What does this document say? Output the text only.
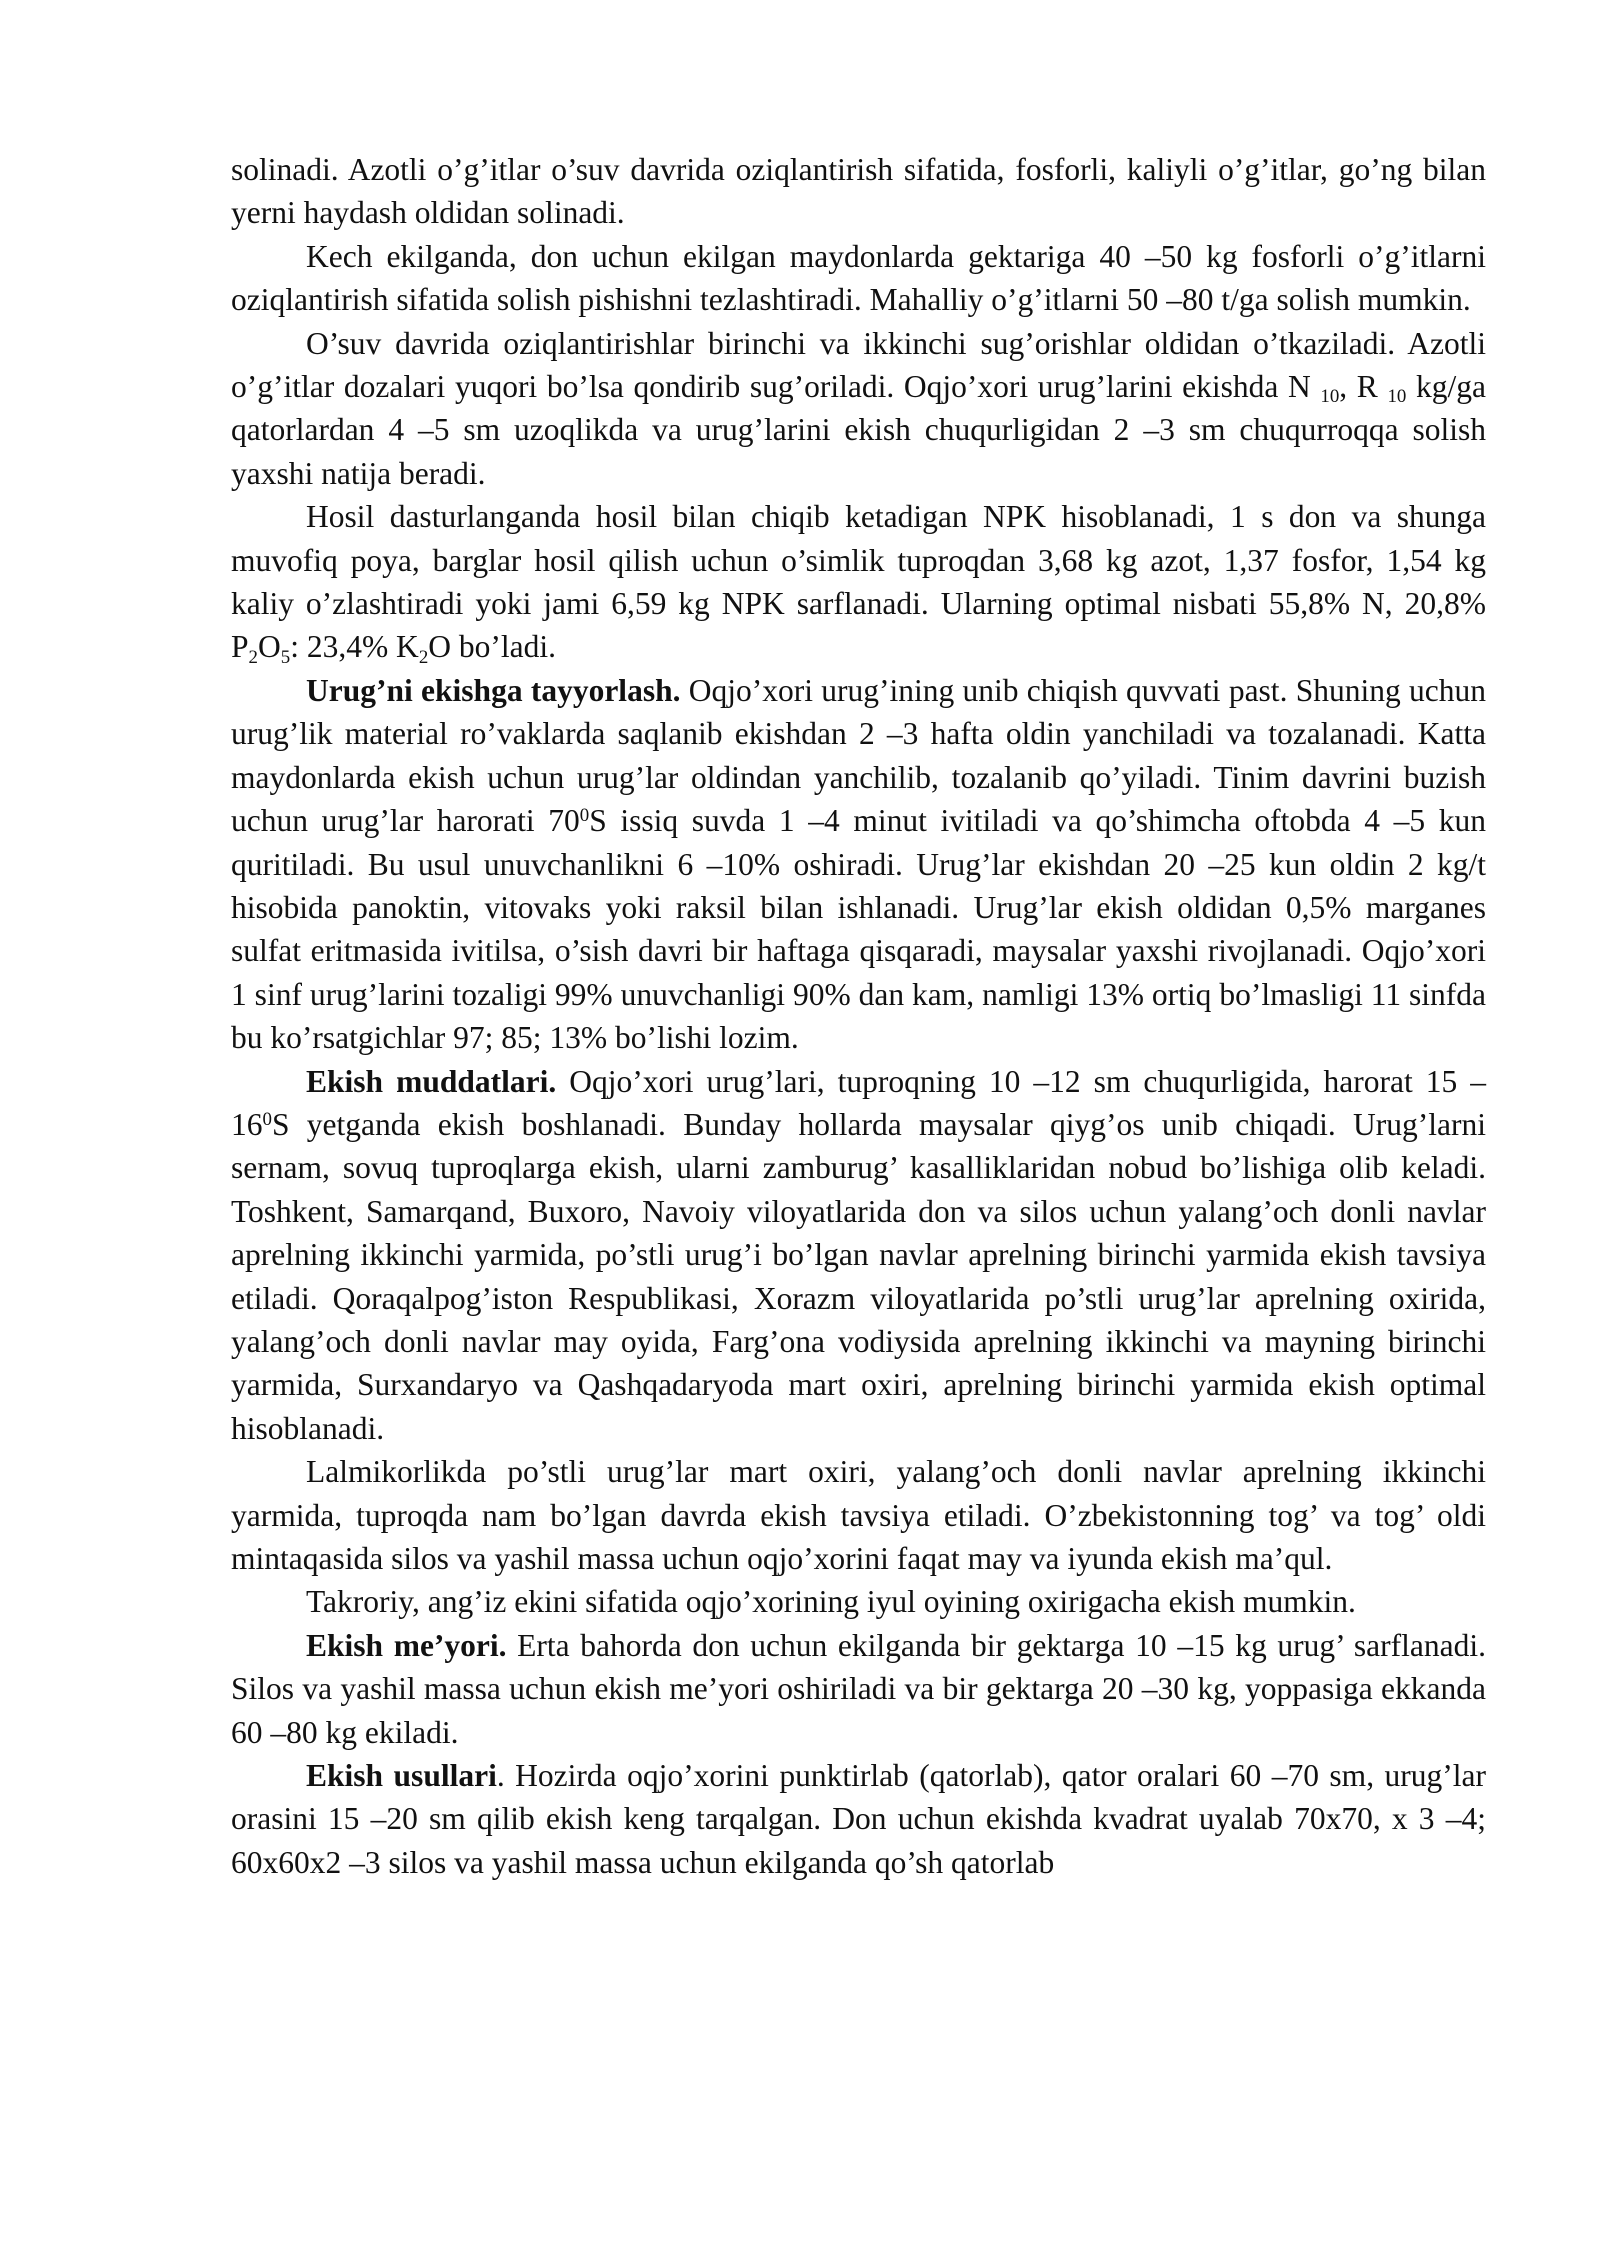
solinadi. Azotli o’g’itlar o’suv davrida oziqlantirish sifatida, fosforli, kaliyli o’g’itlar, go’ng bilan yerni haydash oldidan solinadi.

Kech ekilganda, don uchun ekilgan maydonlarda gektariga 40 –50 kg fosforli o’g’itlarni oziqlantirish sifatida solish pishishni tezlashtiradi. Mahalliy o’g’itlarni 50 –80 t/ga solish mumkin.

O’suv davrida oziqlantirishlar birinchi va ikkinchi sug’orishlar oldidan o’tkaziladi. Azotli o’g’itlar dozalari yuqori bo’lsa qondirib sug’oriladi. Oqjo’xori urug’larini ekishda N $_{10}$, R $_{10}$ kg/ga qatorlardan 4 –5 sm uzoqlikda va urug’larini ekish chuqurligidan 2 –3 sm chuqurroqqa solish yaxshi natija beradi.

Hosil dasturlanganda hosil bilan chiqib ketadigan NPK hisoblanadi, 1 s don va shunga muvofiq poya, barglar hosil qilish uchun o’simlik tuproqdan 3,68 kg azot, 1,37 fosfor, 1,54 kg kaliy o’zlashtiradi yoki jami 6,59 kg NPK sarflanadi. Ularning optimal nisbati 55,8% N, 20,8% $P_2O_5$: 23,4% $K_2O$ bo’ladi.

Urug’ni ekishga tayyorlash. Oqjo’xori urug’ining unib chiqish quvvati past. Shuning uchun urug’lik material ro’vaklarda saqlanib ekishdan 2 –3 hafta oldin yanchiladi va tozalanadi. Katta maydonlarda ekish uchun urug’lar oldindan yanchilib, tozalanib qo’yiladi. Tinim davrini buzish uchun urug’lar harorati $70^0S$ issiq suvda 1 –4 minut ivitiladi va qo’shimcha oftobda 4 –5 kun quritiladi. Bu usul unuvchanlikni 6 –10% oshiradi. Urug’lar ekishdan 20 –25 kun oldin 2 kg/t hisobida panoktin, vitovaks yoki raksil bilan ishlanadi. Urug’lar ekish oldidan 0,5% marganes sulfat eritmasida ivitilsa, o’sish davri bir haftaga qisqaradi, maysalar yaxshi rivojlanadi. Oqjo’xori 1 sinf urug’larini tozaligi 99% unuvchanligi 90% dan kam, namligi 13% ortiq bo’lmasligi 11 sinfda bu ko’rsatgichlar 97; 85; 13% bo’lishi lozim.

Ekish muddatlari. Oqjo’xori urug’lari, tuproqning 10 –12 sm chuqurligida, harorat 15 $-16^0S$ yetganda ekish boshlanadi. Bunday hollarda maysalar qiyg’os unib chiqadi. Urug’larni sernam, sovuq tuproqlarga ekish, ularni zamburug’ kasalliklaridan nobud bo’lishiga olib keladi. Toshkent, Samarqand, Buxoro, Navoiy viloyatlarida don va silos uchun yalang’och donli navlar aprelning ikkinchi yarmida, po’stli urug’i bo’lgan navlar aprelning birinchi yarmida ekish tavsiya etiladi. Qoraqalpog’iston Respublikasi, Xorazm viloyatlarida po’stli urug’lar aprelning oxirida, yalang’och donli navlar may oyida, Farg’ona vodiysida aprelning ikkinchi va mayning birinchi yarmida, Surxandaryo va Qashqadaryoda mart oxiri, aprelning birinchi yarmida ekish optimal hisoblanadi.

Lalmikorlikda po’stli urug’lar mart oxiri, yalang’och donli navlar aprelning ikkinchi yarmida, tuproqda nam bo’lgan davrda ekish tavsiya etiladi. O’zbekistonning tog’ va tog’ oldi mintaqasida silos va yashil massa uchun oqjo’xorini faqat may va iyunda ekish ma’qul.

Takroriy, ang’iz ekini sifatida oqjo’xorining iyul oyining oxirigacha ekish mumkin.

Ekish me’yori. Erta bahorda don uchun ekilganda bir gektarga 10 –15 kg urug’ sarflanadi. Silos va yashil massa uchun ekish me’yori oshiriladi va bir gektarga 20 –30 kg, yoppasiga ekkanda 60 –80 kg ekiladi.

Ekish usullari. Hozirda oqjo’xorini punktirlab (qatorlab), qator oralari 60 –70 sm, urug’lar orasini 15 –20 sm qilib ekish keng tarqalgan. Don uchun ekishda kvadrat uyalab 70x70, x 3 –4; 60x60x2 –3 silos va yashil massa uchun ekilganda qo’sh qatorlab
